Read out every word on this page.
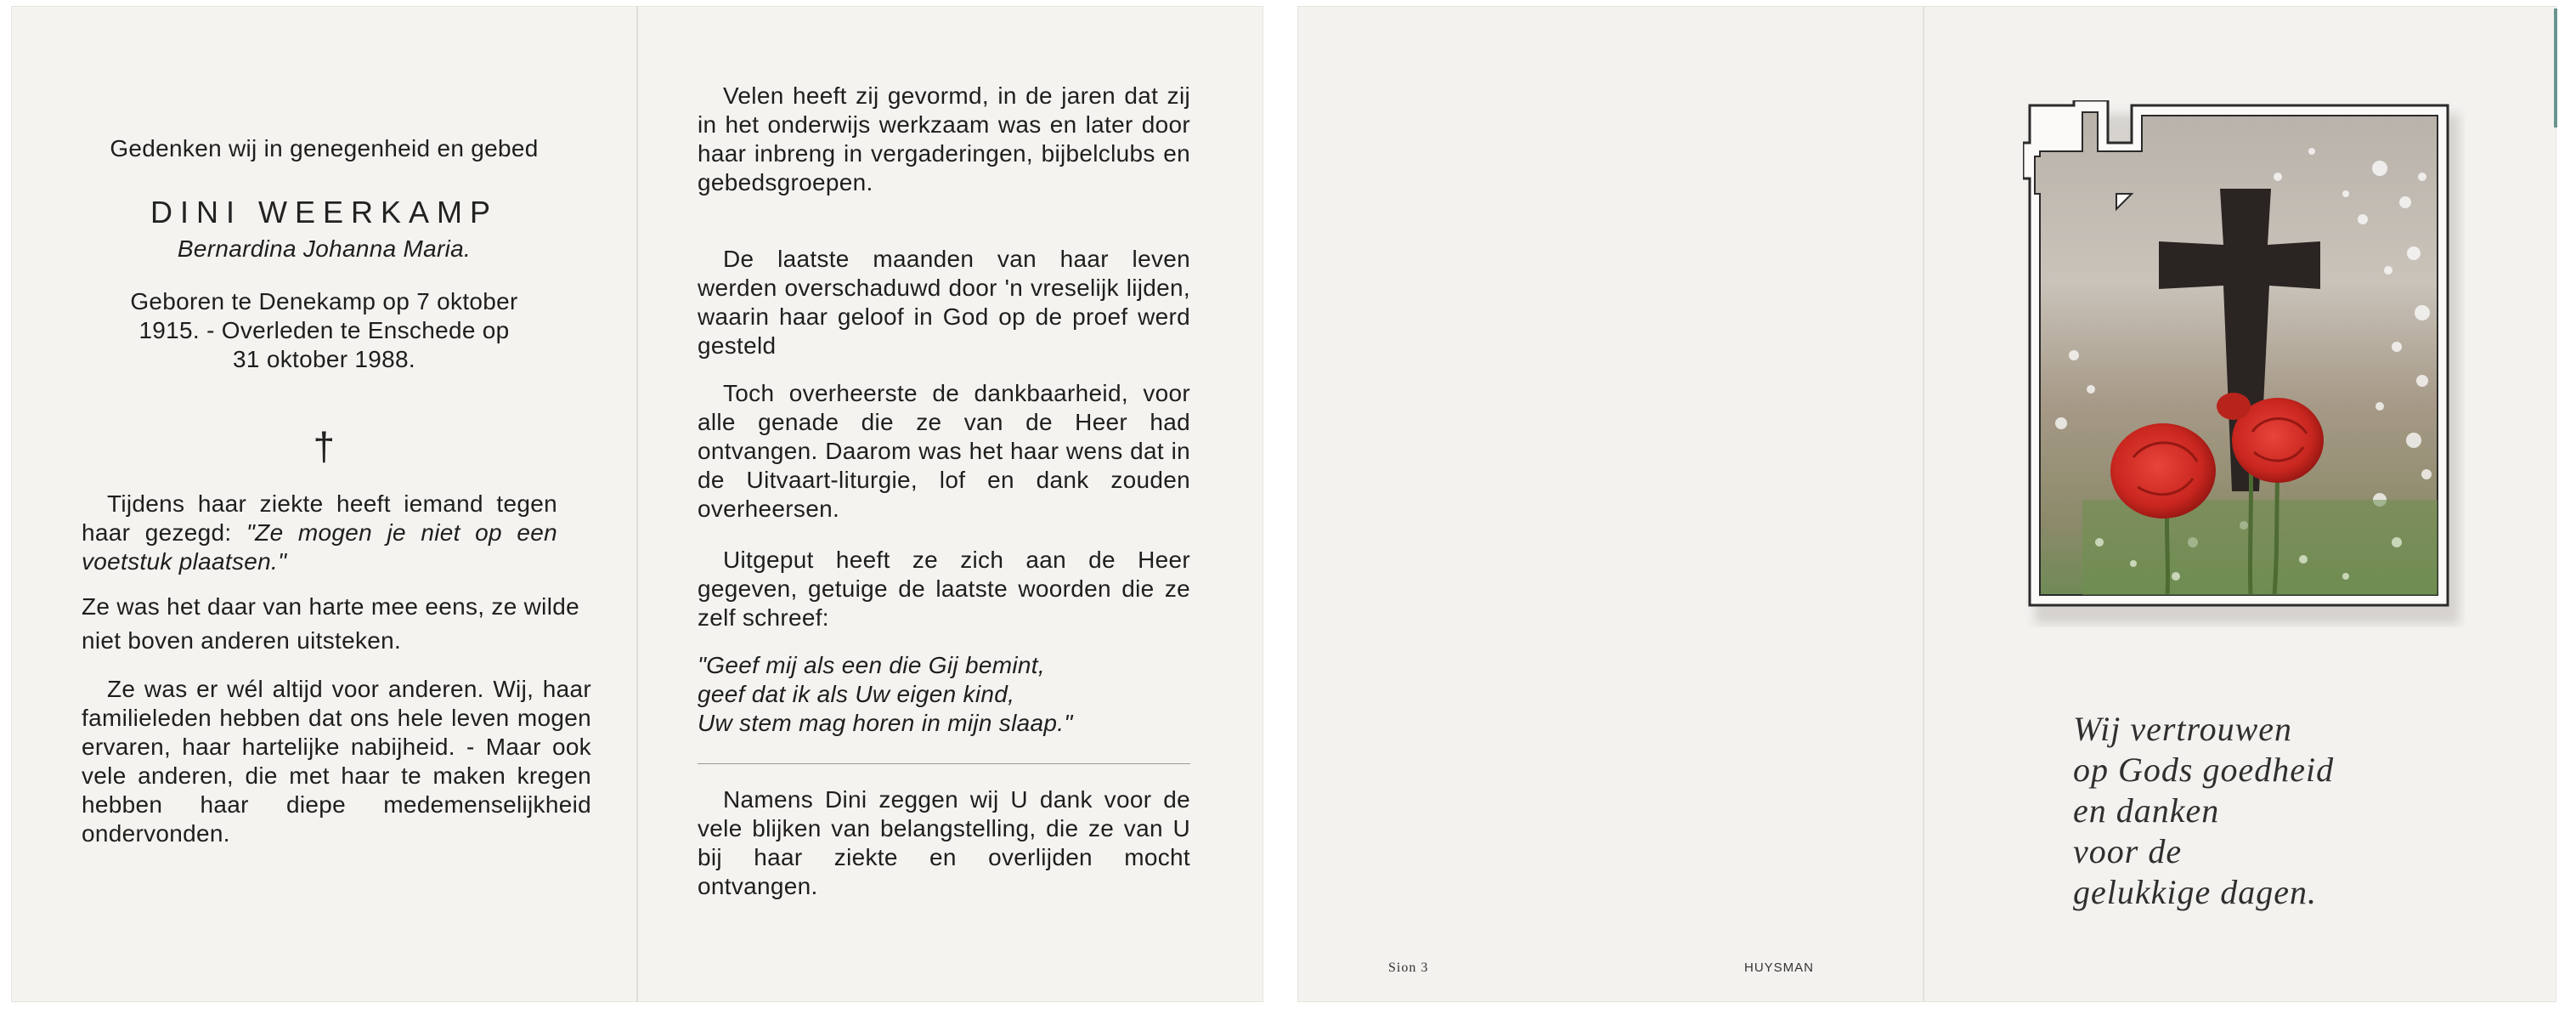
Gedenken wij in genegenheid en gebed
DINI WEERKAMP
Bernardina Johanna Maria.
Geboren te Denekamp op 7 oktober
1915. - Overleden te Enschede op
31 oktober 1988.
†
Tijdens haar ziekte heeft iemand tegen haar gezegd: "Ze mogen je niet op een voetstuk plaatsen."
Ze was het daar van harte mee eens, ze wilde niet boven anderen uitsteken.
Ze was er wél altijd voor anderen. Wij, haar familieleden hebben dat ons hele leven mogen ervaren, haar hartelijke nabijheid. - Maar ook vele anderen, die met haar te maken kregen hebben haar diepe medemenselijkheid ondervonden.
Velen heeft zij gevormd, in de jaren dat zij in het onderwijs werkzaam was en later door haar inbreng in vergaderingen, bijbelclubs en gebedsgroepen.
De laatste maanden van haar leven werden overschaduwd door 'n vreselijk lijden, waarin haar geloof in God op de proef werd gesteld
Toch overheerste de dankbaarheid, voor alle genade die ze van de Heer had ontvangen. Daarom was het haar wens dat in de Uitvaart-liturgie, lof en dank zouden overheersen.
Uitgeput heeft ze zich aan de Heer gegeven, getuige de laatste woorden die ze zelf schreef:
"Geef mij als een die Gij bemint,
geef dat ik als Uw eigen kind,
Uw stem mag horen in mijn slaap."
Namens Dini zeggen wij U dank voor de vele blijken van belangstelling, die ze van U bij haar ziekte en overlijden mocht ontvangen.
Sion 3	HUYSMAN
Wij vertrouwen
op Gods goedheid
en danken
voor de
gelukkige dagen.
